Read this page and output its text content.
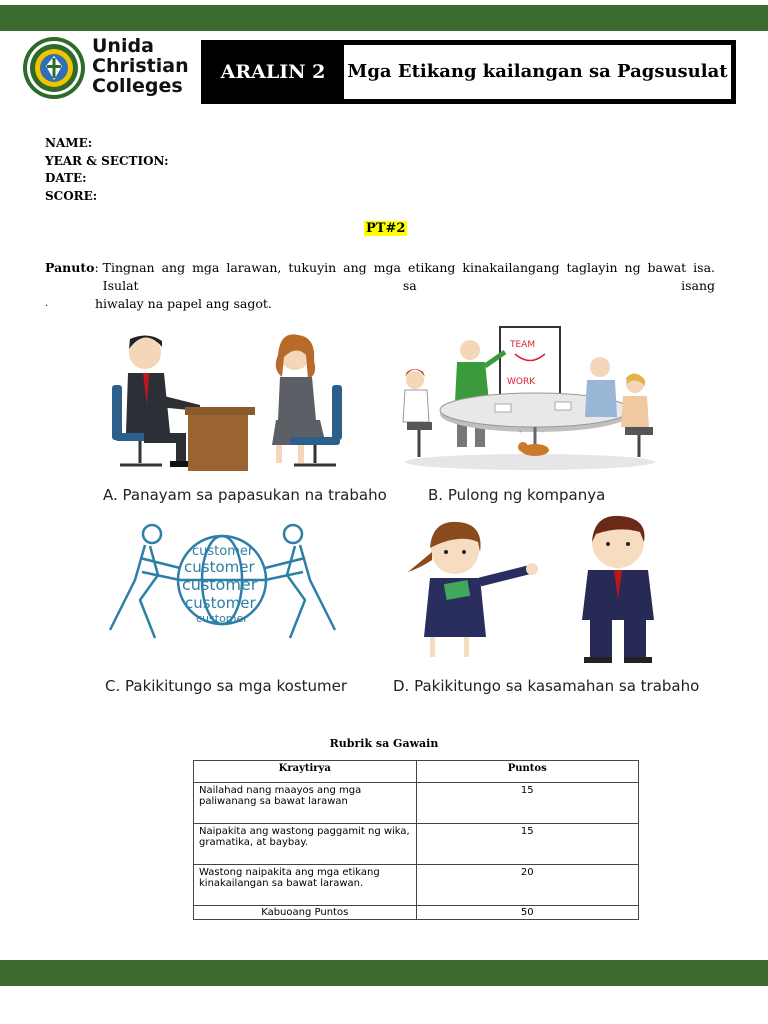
Unida
Christian
Colleges
ARALIN 2	Mga Etikang kailangan sa Pagsusulat
NAME:
YEAR & SECTION:
DATE:
SCORE:
PT#2
Panuto : Tingnan ang mga larawan, tukuyin ang mga etikang kinakailangang taglayin ng bawat isa. Isulat sa isang
hiwalay na papel ang sagot.
.
A. Panayam sa papasukan na trabaho
TEAM
WORK
B. Pulong ng kompanya
customer
customer
customer
customer
customer
C. Pakikitungo sa mga kostumer	D. Pakikitungo sa kasamahan sa trabaho
Rubrik sa Gawain
Kraytirya	Puntos
Nailahad nang maayos ang mga paliwanang sa bawat larawan	15
Naipakita ang wastong paggamit ng wika, gramatika, at baybay.	15
Wastong naipakita ang mga etikang kinakailangan sa bawat larawan.	20
Kabuoang Puntos	50
